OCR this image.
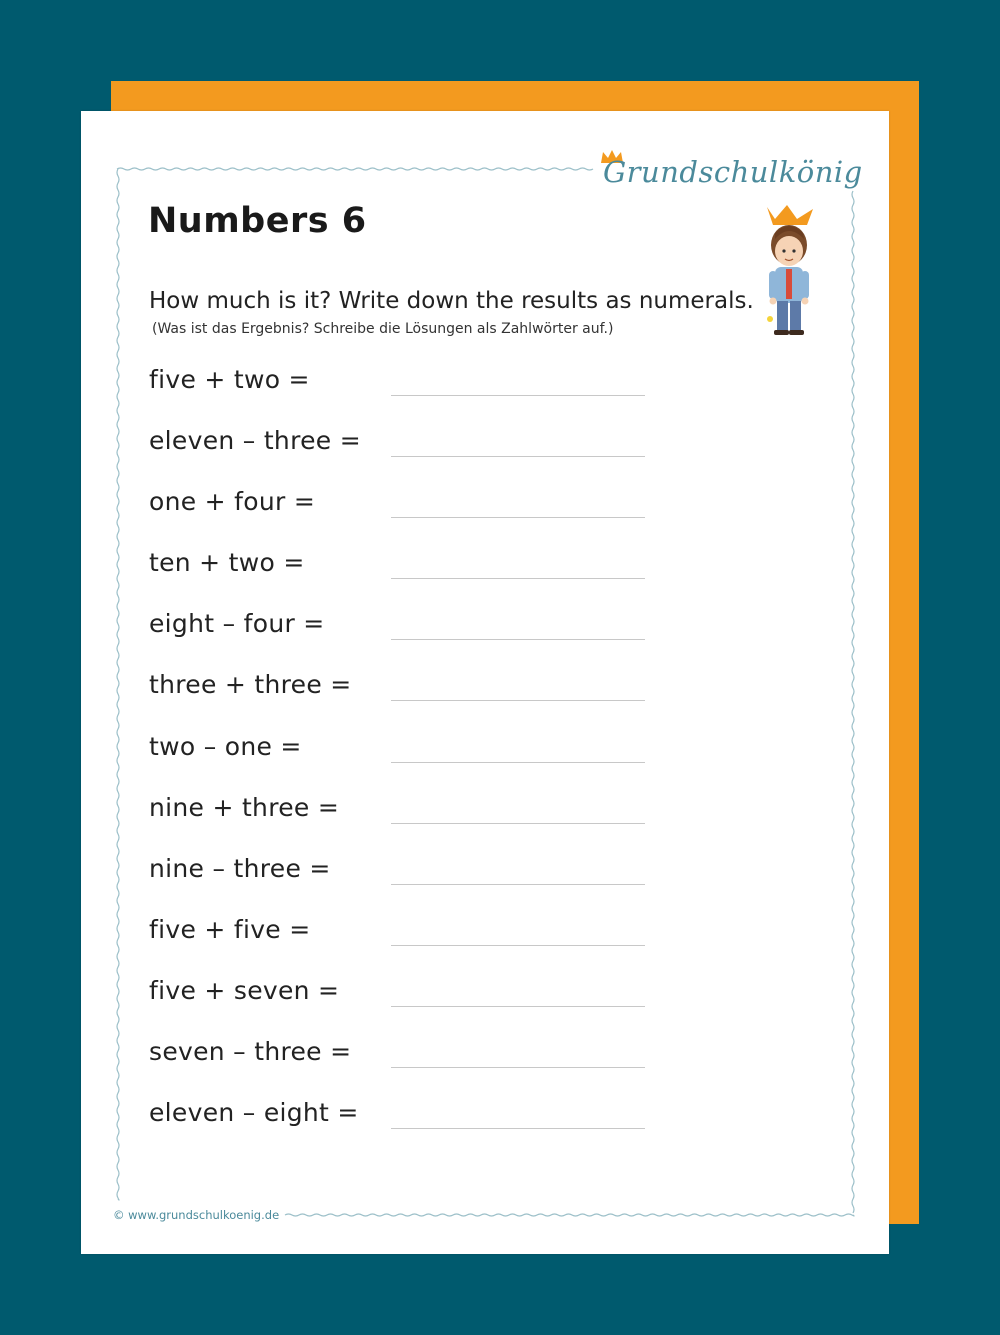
Grundschulkönig
Numbers 6
How much is it? Write down the results as numerals.
(Was ist das Ergebnis? Schreibe die Lösungen als Zahlwörter auf.)
five + two =
eleven – three =
one + four =
ten + two =
eight – four =
three + three =
two – one =
nine + three =
nine – three =
five + five =
five + seven =
seven – three =
eleven – eight =
© www.grundschulkoenig.de
